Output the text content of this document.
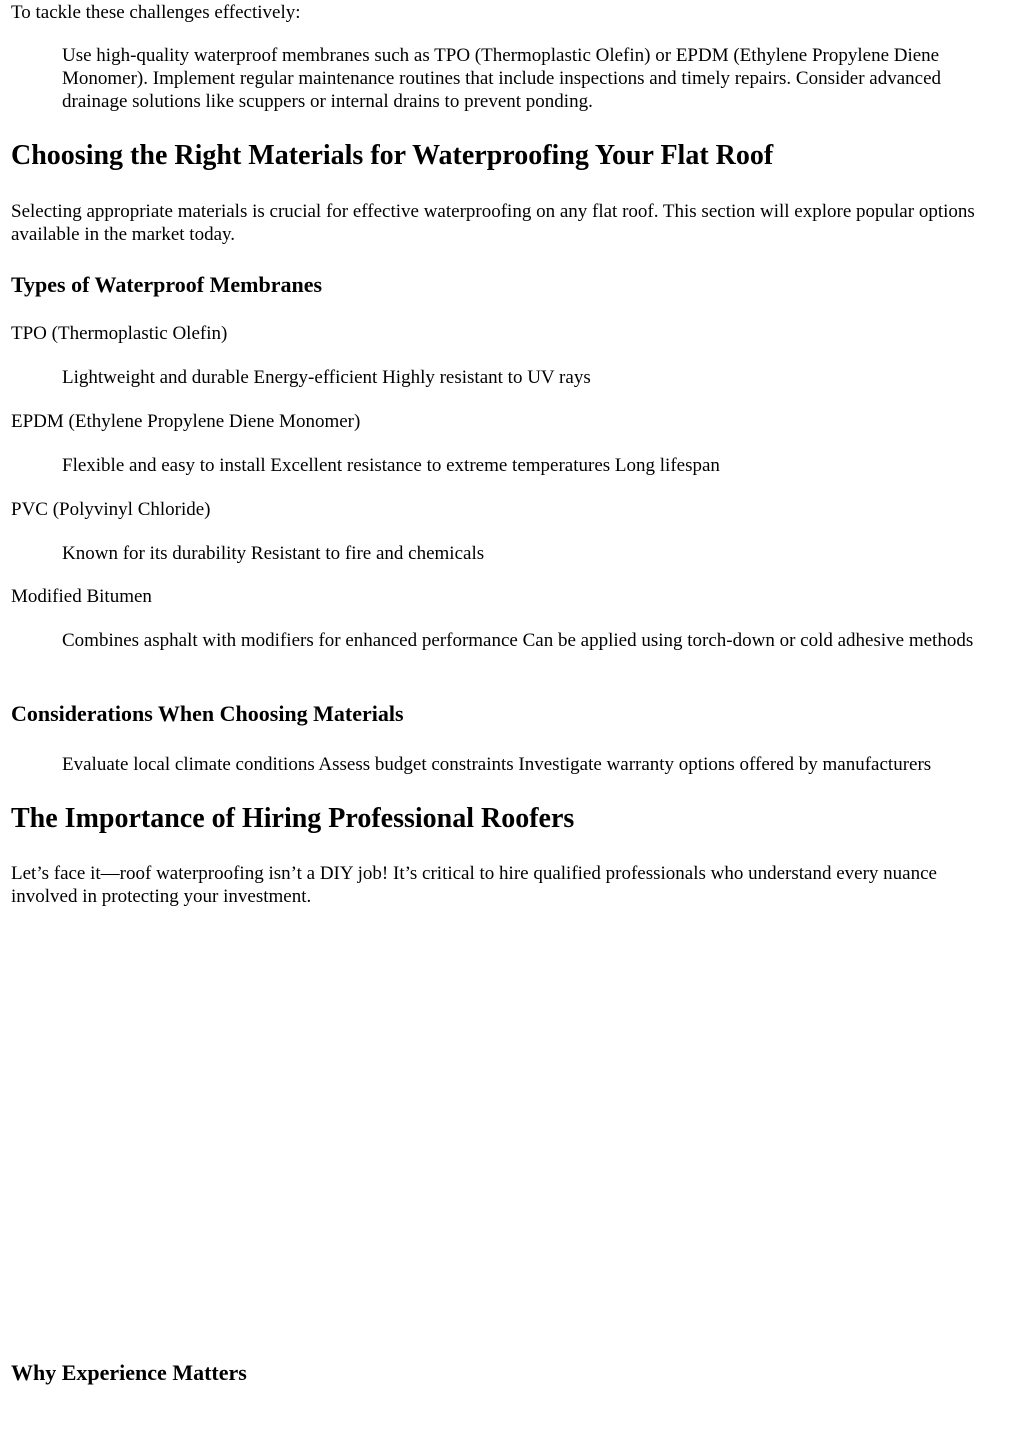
To tackle these challenges effectively:

Use high-quality waterproof membranes such as TPO (Thermoplastic Olefin) or EPDM (Ethylene Propylene Diene Monomer). Implement regular maintenance routines that include inspections and timely repairs. Consider advanced drainage solutions like scuppers or internal drains to prevent ponding.

Choosing the Right Materials for Waterproofing Your Flat Roof

Selecting appropriate materials is crucial for effective waterproofing on any flat roof. This section will explore popular options available in the market today.

Types of Waterproof Membranes

TPO (Thermoplastic Olefin)

Lightweight and durable Energy-efficient Highly resistant to UV rays

EPDM (Ethylene Propylene Diene Monomer)

Flexible and easy to install Excellent resistance to extreme temperatures Long lifespan

PVC (Polyvinyl Chloride)

Known for its durability Resistant to fire and chemicals

Modified Bitumen

Combines asphalt with modifiers for enhanced performance Can be applied using torch-down or cold adhesive methods

Considerations When Choosing Materials

Evaluate local climate conditions Assess budget constraints Investigate warranty options offered by manufacturers

The Importance of Hiring Professional Roofers

Let’s face it—roof waterproofing isn’t a DIY job! It’s critical to hire qualified professionals who understand every nuance involved in protecting your investment.

Why Experience Matters
